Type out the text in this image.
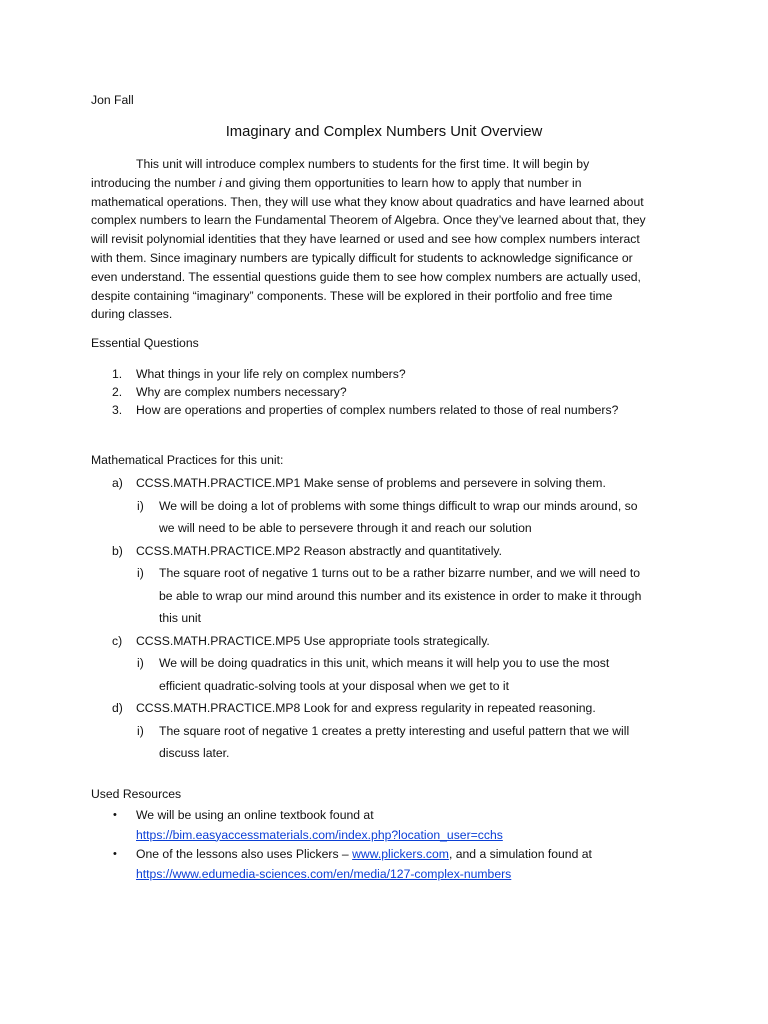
Jon Fall
Imaginary and Complex Numbers Unit Overview

This unit will introduce complex numbers to students for the first time. It will begin by
introducing the number i and giving them opportunities to learn how to apply that number in
mathematical operations. Then, they will use what they know about quadratics and have learned about
complex numbers to learn the Fundamental Theorem of Algebra. Once they’ve learned about that, they
will revisit polynomial identities that they have learned or used and see how complex numbers interact
with them. Since imaginary numbers are typically difficult for students to acknowledge significance or
even understand. The essential questions guide them to see how complex numbers are actually used,
despite containing “imaginary” components. These will be explored in their portfolio and free time
during classes.

Essential Questions
1. What things in your life rely on complex numbers?
2. Why are complex numbers necessary?
3. How are operations and properties of complex numbers related to those of real numbers?
Mathematical Practices for this unit:
a) CCSS.MATH.PRACTICE.MP1 Make sense of problems and persevere in solving them.
i) We will be doing a lot of problems with some things difficult to wrap our minds around, so
we will need to be able to persevere through it and reach our solution
b) CCSS.MATH.PRACTICE.MP2 Reason abstractly and quantitatively.
i) The square root of negative 1 turns out to be a rather bizarre number, and we will need to
be able to wrap our mind around this number and its existence in order to make it through
this unit
c) CCSS.MATH.PRACTICE.MP5 Use appropriate tools strategically.
i) We will be doing quadratics in this unit, which means it will help you to use the most
efficient quadratic-solving tools at your disposal when we get to it
d) CCSS.MATH.PRACTICE.MP8 Look for and express regularity in repeated reasoning.
i) The square root of negative 1 creates a pretty interesting and useful pattern that we will
discuss later.
Used Resources
• We will be using an online textbook found at
https://bim.easyaccessmaterials.com/index.php?location_user=cchs
• One of the lessons also uses Plickers – www.plickers.com, and a simulation found at
https://www.edumedia-sciences.com/en/media/127-complex-numbers
